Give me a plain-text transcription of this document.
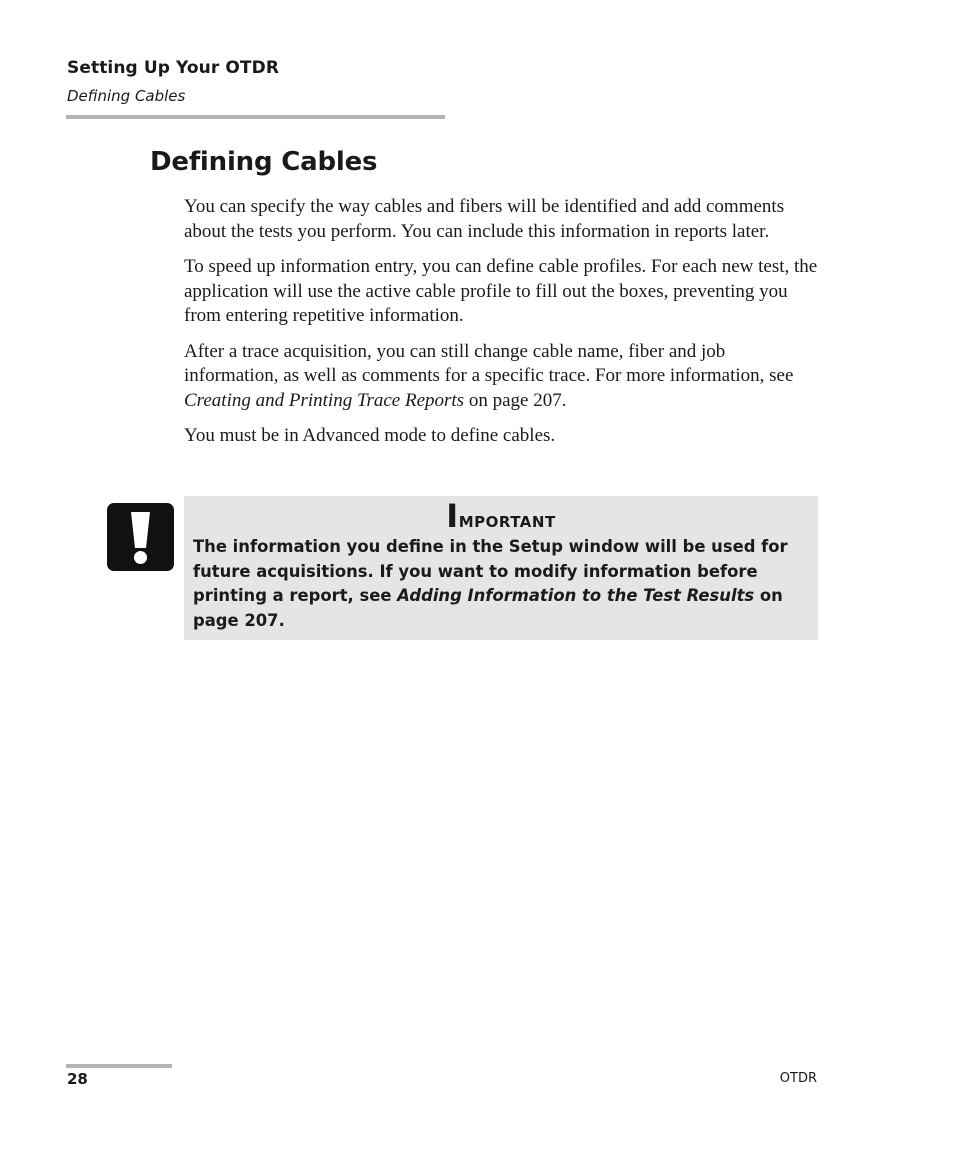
Setting Up Your OTDR
Defining Cables
Defining Cables

You can specify the way cables and fibers will be identified and add comments about the tests you perform. You can include this information in reports later.

To speed up information entry, you can define cable profiles. For each new test, the application will use the active cable profile to fill out the boxes, preventing you from entering repetitive information.

After a trace acquisition, you can still change cable name, fiber and job information, as well as comments for a specific trace. For more information, see Creating and Printing Trace Reports on page 207.

You must be in Advanced mode to define cables.

Important
The information you define in the Setup window will be used for future acquisitions. If you want to modify information before printing a report, see Adding Information to the Test Results on page 207.
28	OTDR
